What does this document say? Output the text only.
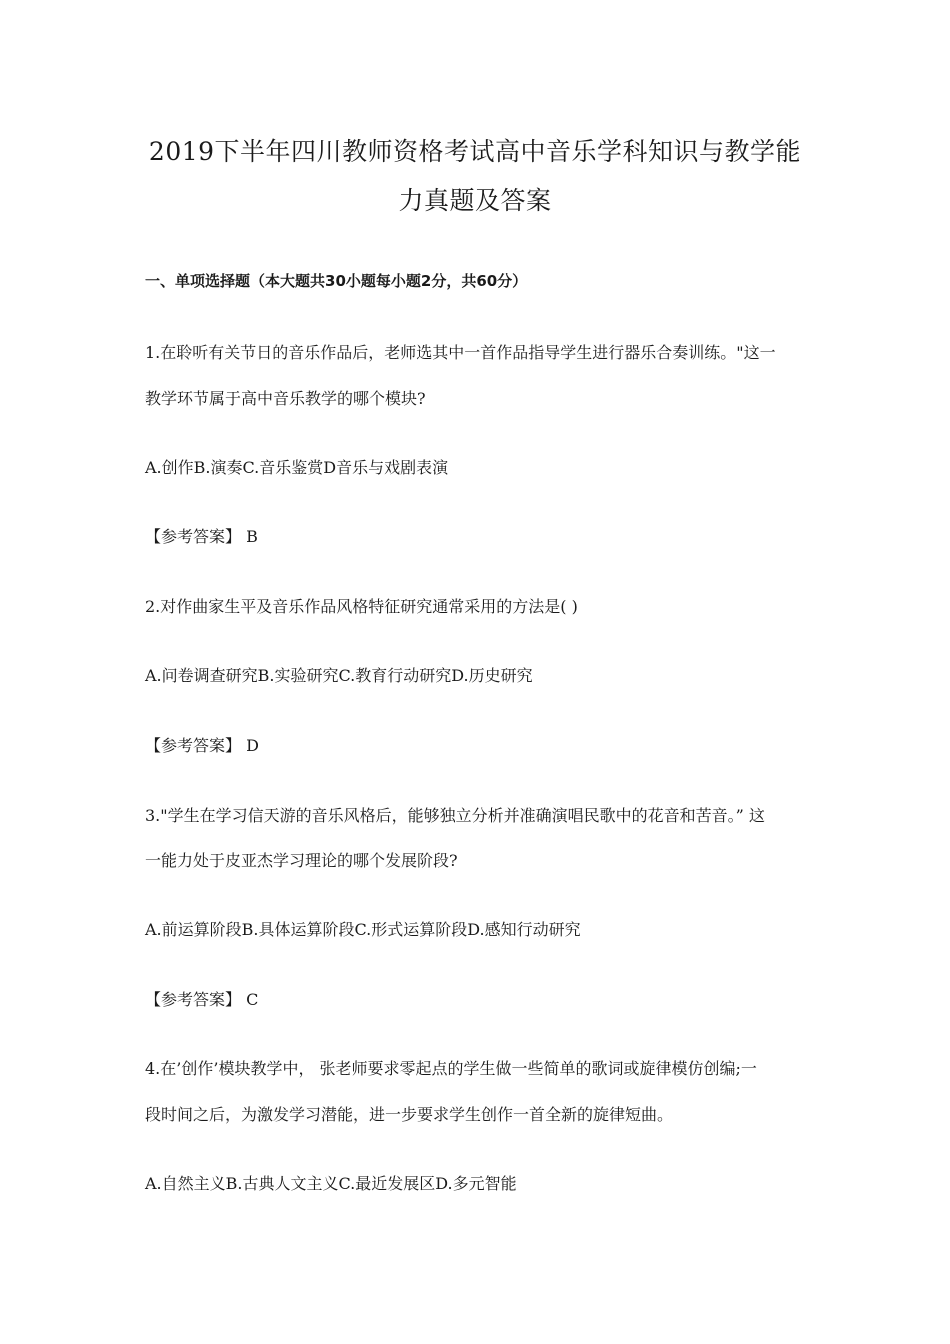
2019下半年四川教师资格考试高中音乐学科知识与教学能
力真题及答案
一、单项选择题（本大题共30小题每小题2分，共60分）
1.在聆听有关节日的音乐作品后，老师选其中一首作品指导学生进行器乐合奏训练。"这一
教学环节属于高中音乐教学的哪个模块?
A.创作B.演奏C.音乐鉴赏D音乐与戏剧表演
【参考答案】 B
2.对作曲家生平及音乐作品风格特征研究通常采用的方法是( )
A.问卷调查研究B.实验研究C.教育行动研究D.历史研究
【参考答案】 D
3."学生在学习信天游的音乐风格后，能够独立分析并准确演唱民歌中的花音和苦音。” 这
一能力处于皮亚杰学习理论的哪个发展阶段?
A.前运算阶段B.具体运算阶段C.形式运算阶段D.感知行动研究
【参考答案】 C
4.在’创作’模块教学中， 张老师要求零起点的学生做一些简单的歌词或旋律模仿创编;一
段时间之后，为激发学习潜能，进一步要求学生创作一首全新的旋律短曲。
A.自然主义B.古典人文主义C.最近发展区D.多元智能
